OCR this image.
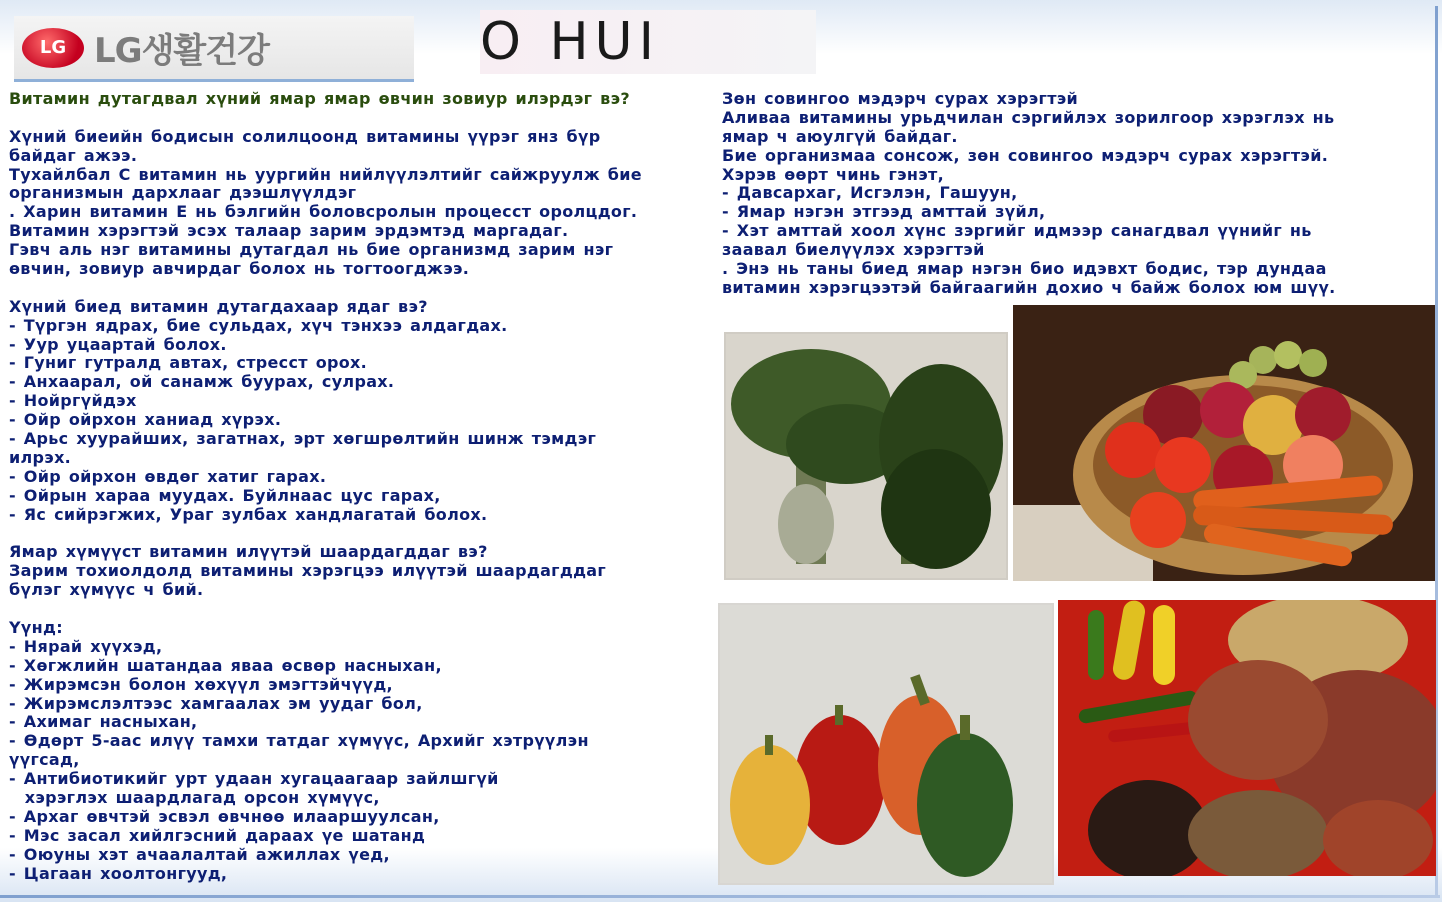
LG LG생활건강	O HUI
Витамин дутагдвал хүний ямар ямар өвчин зовиур илэрдэг вэ?
Хүний биеийн бодисын солилцоонд витамины үүрэг янз бүр
байдаг ажээ.
Тухайлбал С витамин нь уургийн нийлүүлэлтийг сайжруулж бие
организмын дархлааг дээшлүүлдэг
. Харин витамин Е нь бэлгийн боловсролын процесст оролцдог.
Витамин хэрэгтэй эсэх талаар зарим эрдэмтэд маргадаг.
Гэвч аль нэг витамины дутагдал нь бие организмд зарим нэг
өвчин, зовиур авчирдаг болох нь тогтоогджээ.
Хүний биед витамин дутагдахаар ядаг вэ?
- Түргэн ядрах, бие сульдах, хүч тэнхээ алдагдах.
- Уур уцаартай болох.
- Гуниг гутралд автах, стресст орох.
- Анхаарал, ой санамж буурах, сулрах.
- Нойргүйдэх
- Ойр ойрхон ханиад хүрэх.
- Арьс хуурайших, загатнах, эрт хөгшрөлтийн шинж тэмдэг
илрэх.
- Ойр ойрхон өвдөг хатиг гарах.
- Ойрын хараа муудах. Буйлнаас цус гарах,
- Яс сийрэгжих, Ураг зулбах хандлагатай болох.
Ямар хүмүүст витамин илүүтэй шаардагддаг вэ?
Зарим тохиолдолд витамины хэрэгцээ илүүтэй шаардагддаг
бүлэг хүмүүс ч бий.
Үүнд:
- Нярай хүүхэд,
- Хөгжлийн шатандаа яваа өсвөр насныхан,
- Жирэмсэн болон хөхүүл эмэгтэйчүүд,
- Жирэмслэлтээс хамгаалах эм уудаг бол,
- Ахимаг насныхан,
- Өдөрт 5-аас илүү тамхи татдаг хүмүүс, Архийг хэтрүүлэн
үүгсад,
- Антибиотикийг урт удаан хугацаагаар зайлшгүй
хэрэглэх шаардлагад орсон хүмүүс,
- Архаг өвчтэй эсвэл өвчнөө илааршуулсан,
- Мэс засал хийлгэсний дараах үе шатанд
- Оюуны хэт ачаалалтай ажиллах үед,
- Цагаан хоолтонгууд,
Зөн совингоо мэдэрч сурах хэрэгтэй
Аливаа витамины урьдчилан сэргийлэх зорилгоор хэрэглэх нь
ямар ч аюулгүй байдаг.
Бие организмаа сонсож, зөн совингоо мэдэрч сурах хэрэгтэй.
Хэрэв өөрт чинь гэнэт,
- Давсархаг, Исгэлэн, Гашуун,
- Ямар нэгэн этгээд амттай зүйл,
- Хэт амттай хоол хүнс зэргийг идмээр санагдвал үүнийг нь
заавал биелүүлэх хэрэгтэй
. Энэ нь таны биед ямар нэгэн био идэвхт бодис, тэр дундаа
витамин хэрэгцээтэй байгаагийн дохио ч байж болох юм шүү.
